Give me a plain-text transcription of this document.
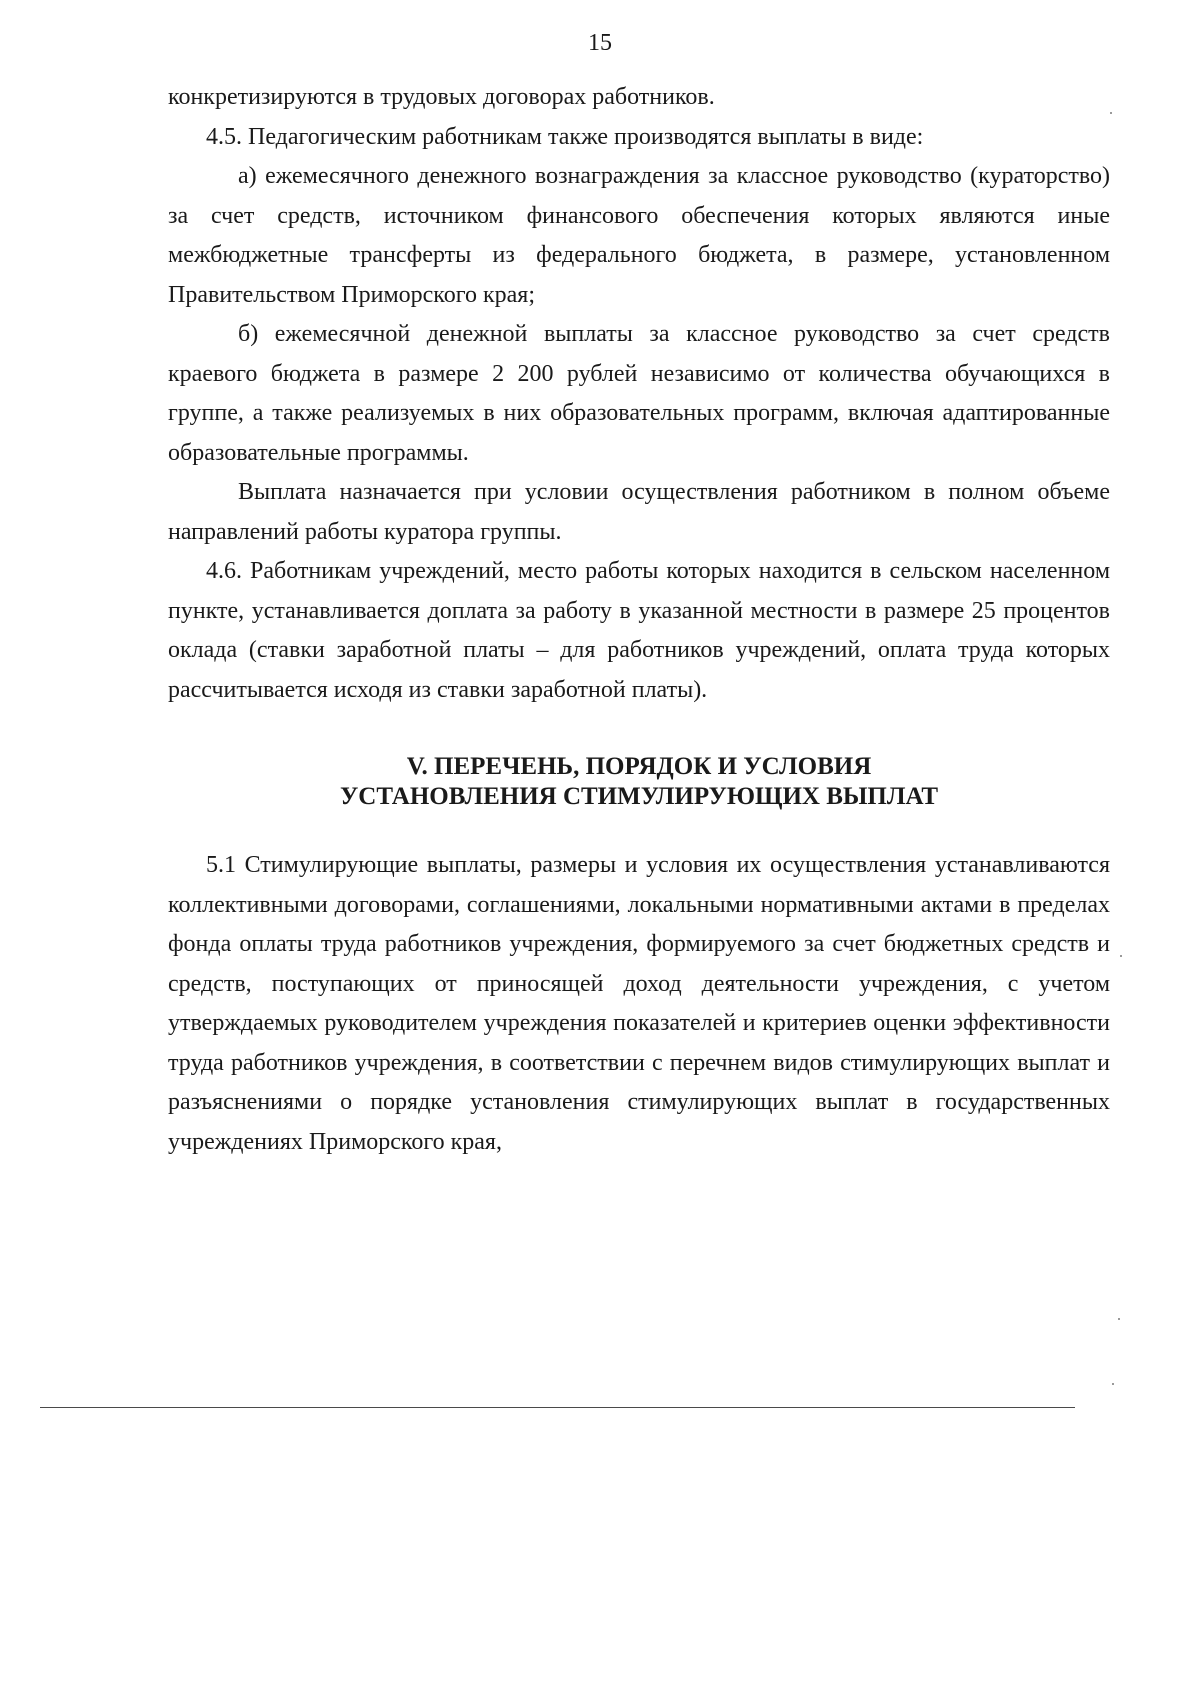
15

конкретизируются в трудовых договорах работников.

4.5. Педагогическим работникам также производятся выплаты в виде:

а) ежемесячного денежного вознаграждения за классное руководство (кураторство) за счет средств, источником финансового обеспечения которых являются иные межбюджетные трансферты из федерального бюджета, в размере, установленном Правительством Приморского края;

б) ежемесячной денежной выплаты за классное руководство за счет средств краевого бюджета в размере 2 200 рублей независимо от количества обучающихся в группе, а также реализуемых в них образовательных программ, включая адаптированные образовательные программы.

Выплата назначается при условии осуществления работником в полном объеме направлений работы куратора группы.

4.6. Работникам учреждений, место работы которых находится в сельском населенном пункте, устанавливается доплата за работу в указанной местности в размере 25 процентов оклада (ставки заработной платы – для работников учреждений, оплата труда которых рассчитывается исходя из ставки заработной платы).

V. ПЕРЕЧЕНЬ, ПОРЯДОК И УСЛОВИЯ
УСТАНОВЛЕНИЯ СТИМУЛИРУЮЩИХ ВЫПЛАТ

5.1 Стимулирующие выплаты, размеры и условия их осуществления устанавливаются коллективными договорами, соглашениями, локальными нормативными актами в пределах фонда оплаты труда работников учреждения, формируемого за счет бюджетных средств и средств, поступающих от приносящей доход деятельности учреждения, с учетом утверждаемых руководителем учреждения показателей и критериев оценки эффективности труда работников учреждения, в соответствии с перечнем видов стимулирующих выплат и разъяснениями о порядке установления стимулирующих выплат в государственных учреждениях Приморского края,
